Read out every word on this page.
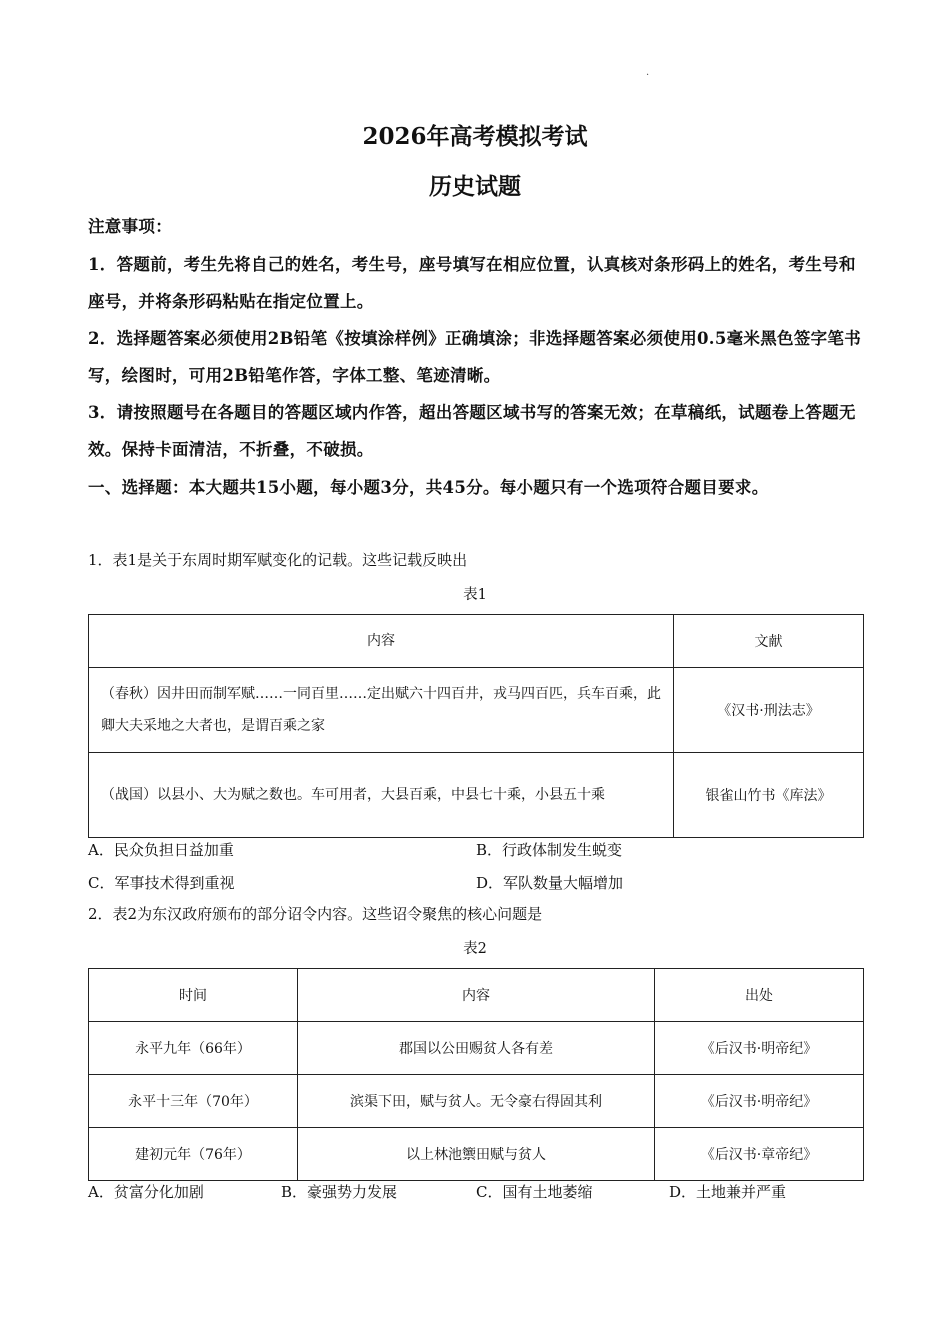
·
2026年高考模拟考试
历史试题
注意事项：
1．答题前，考生先将自己的姓名，考生号，座号填写在相应位置，认真核对条形码上的姓名，考生号和座号，并将条形码粘贴在指定位置上。
2．选择题答案必须使用2B铅笔《按填涂样例》正确填涂；非选择题答案必须使用0.5毫米黑色签字笔书写，绘图时，可用2B铅笔作答，字体工整、笔迹清晰。
3．请按照题号在各题目的答题区域内作答，超出答题区域书写的答案无效；在草稿纸，试题卷上答题无效。保持卡面清洁，不折叠，不破损。
一、选择题：本大题共15小题，每小题3分，共45分。每小题只有一个选项符合题目要求。
1．表1是关于东周时期军赋变化的记载。这些记载反映出
表1
内容	文献
（春秋）因井田而制军赋……一同百里……定出赋六十四百井，戎马四百匹，兵车百乘，此卿大夫采地之大者也，是谓百乘之家	《汉书·刑法志》
（战国）以县小、大为赋之数也。车可用者，大县百乘，中县七十乘，小县五十乘	银雀山竹书《库法》
A．民众负担日益加重	B．行政体制发生蜕变
C．军事技术得到重视	D．军队数量大幅增加
2．表2为东汉政府颁布的部分诏令内容。这些诏令聚焦的核心问题是
表2
时间	内容	出处
永平九年（66年）	郡国以公田赐贫人各有差	《后汉书·明帝纪》
永平十三年（70年）	滨渠下田，赋与贫人。无令豪右得固其利	《后汉书·明帝纪》
建初元年（76年）	以上林池籞田赋与贫人	《后汉书·章帝纪》
A．贫富分化加剧	B．豪强势力发展	C．国有土地萎缩	D．土地兼并严重
